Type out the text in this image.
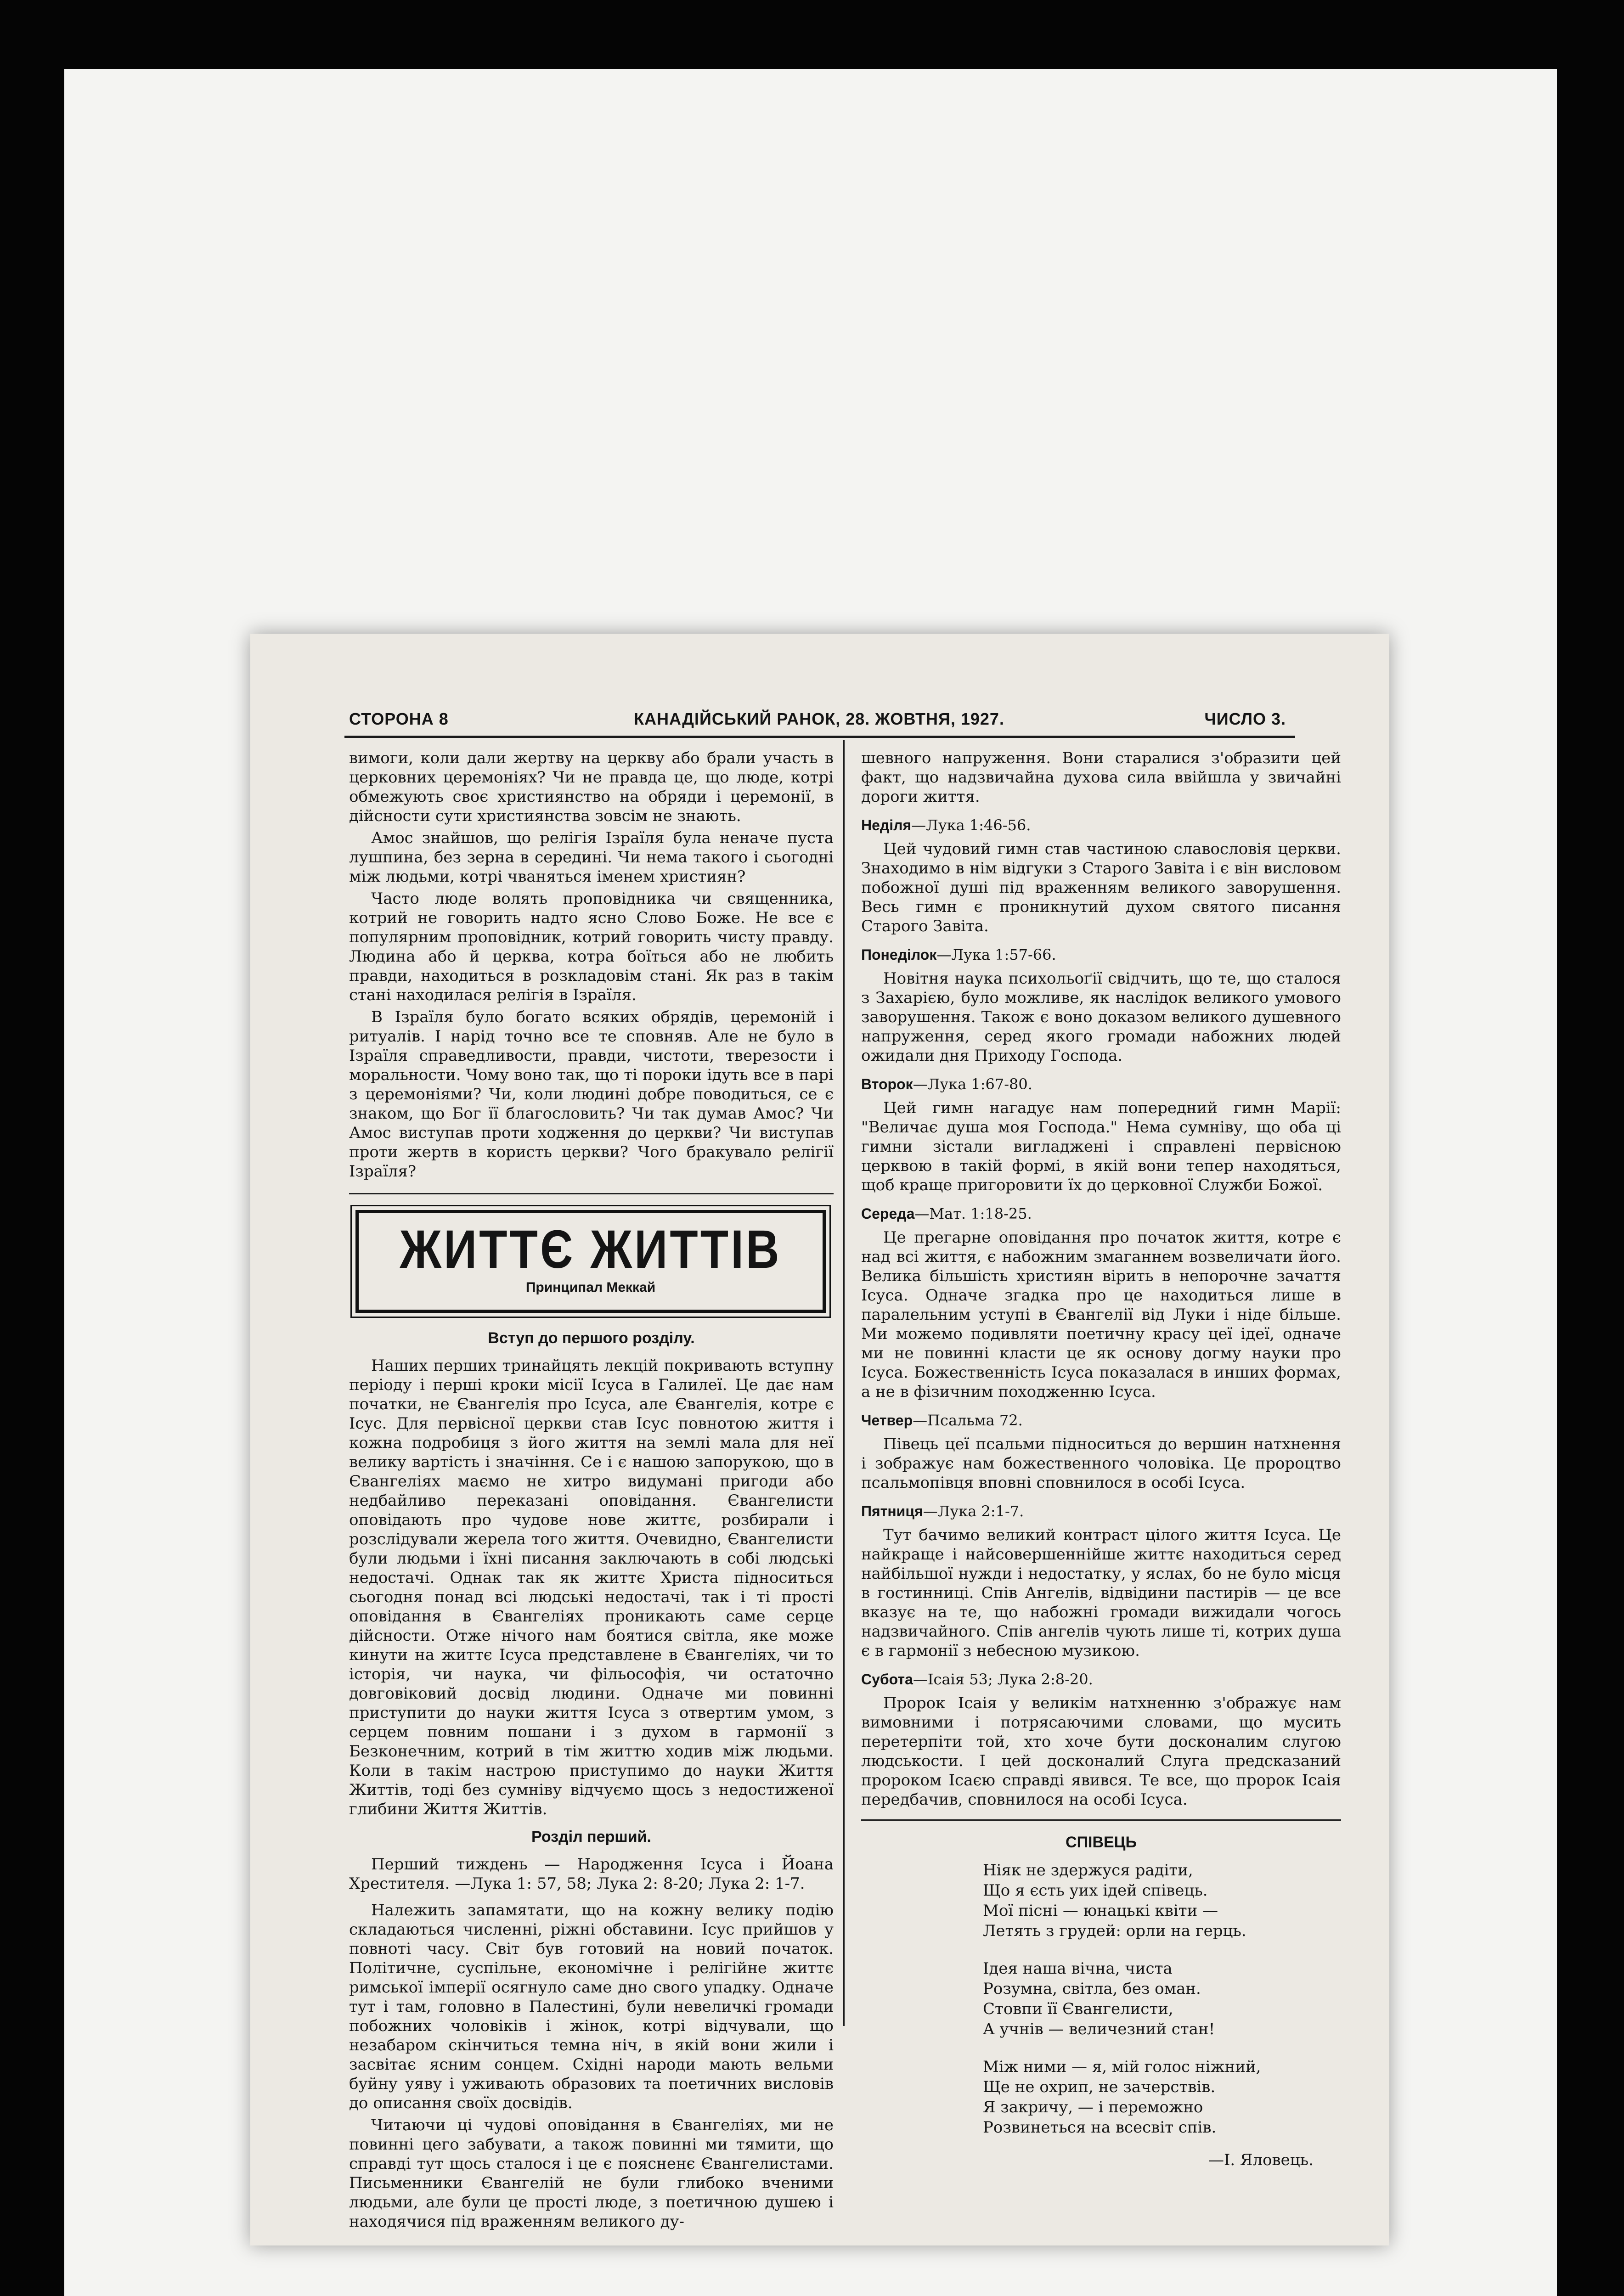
СТОРОНА 8	КАНАДІЙСЬКИЙ РАНОК, 28. ЖОВТНЯ, 1927.	ЧИСЛО 3.

вимоги, коли дали жертву на церкву або брали участь в церковних церемоніях? Чи не правда це, що люде, котрі обмежують своє християнство на обряди і церемонії, в дійсности сути християнства зовсім не знають.

Амос знайшов, що релігія Ізраїля була неначе пуста лушпина, без зерна в середині. Чи нема такого і сьогодні між людьми, котрі чваняться іменем християн?

Часто люде волять проповідника чи священника, котрий не говорить надто ясно Слово Боже. Не все є популярним проповідник, котрий говорить чисту правду. Людина або й церква, котра боїться або не любить правди, находиться в розкладовім стані. Як раз в такім стані находилася релігія в Ізраїля.

В Ізраїля було богато всяких обрядів, церемоній і ритуалів. І нарід точно все те сповняв. Але не було в Ізраїля справедливости, правди, чистоти, тверезости і моральности. Чому воно так, що ті пороки ідуть все в парі з церемоніями? Чи, коли людині добре поводиться, се є знаком, що Бог її благословить? Чи так думав Амос? Чи Амос виступав проти ходження до церкви? Чи виступав проти жертв в користь церкви? Чого бракувало релігії Ізраїля?

ЖИТТЄ ЖИТТІВ
Принципал Меккай
Вступ до першого розділу.

Наших перших тринайцять лекцій покривають вступну періоду і перші кроки місії Ісуса в Галилеї. Це дає нам початки, не Євангелія про Ісуса, але Євангелія, котре є Ісус. Для первісної церкви став Ісус повнотою життя і кожна подробиця з його життя на землі мала для неї велику вартість і значіння. Се і є нашою запорукою, що в Євангеліях маємо не хитро видумані пригоди або недбайливо переказані оповідання. Євангелисти оповідають про чудове нове життє, розбирали і розслідували жерела того життя. Очевидно, Євангелисти були людьми і їхні писання заключають в собі людські недостачі. Однак так як життє Христа підноситься сьогодня понад всі людські недостачі, так і ті прості оповідання в Євангеліях проникають саме серце дійсности. Отже нічого нам боятися світла, яке може кинути на життє Ісуса представлене в Євангеліях, чи то історія, чи наука, чи фільософія, чи остаточно довговіковий досвід людини. Одначе ми повинні приступити до науки життя Ісуса з отвертим умом, з серцем повним пошани і з духом в гармонії з Безконечним, котрий в тім життю ходив між людьми. Коли в такім настрою приступимо до науки Життя Життів, тоді без сумніву відчуємо щось з недостиженої глибини Життя Життів.

Розділ перший.

Перший тиждень — Народження Ісуса і Йоана Хрестителя. —Лука 1: 57, 58; Лука 2: 8-20; Лука 2: 1-7.

Належить запамятати, що на кожну велику подію складаються численні, ріжні обставини. Ісус прийшов у повноті часу. Світ був готовий на новий початок. Політичне, суспільне, економічне і релігійне життє римської імперії осягнуло саме дно свого упадку. Одначе тут і там, головно в Палестині, були невеличкі громади побожних чоловіків і жінок, котрі відчували, що незабаром скінчиться темна ніч, в якій вони жили і засвітає ясним сонцем. Східні народи мають вельми буйну уяву і уживають образових та поетичних висловів до описання своїх досвідів.

Читаючи ці чудові оповідання в Євангеліях, ми не повинні цего забувати, а також повинні ми тямити, що справді тут щось сталося і це є поясненє Євангелистами. Письменники Євангелій не були глибоко вченими людьми, але були це прості люде, з поетичною душею і находячися під враженням великого ду-

шевного напруження. Вони старалися з'образити цей факт, що надзвичайна духова сила ввійшла у звичайні дороги життя.

Неділя—Лука 1:46-56.

Цей чудовий гимн став частиною славословія церкви. Знаходимо в нім відгуки з Старого Завіта і є він висловом побожної душі під враженням великого заворушення. Весь гимн є проникнутий духом святого писання Старого Завіта.

Понеділок—Лука 1:57-66.

Новітня наука психольоґії свідчить, що те, що сталося з Захарією, було можливе, як наслідок великого умового заворушення. Також є воно доказом великого душевного напруження, серед якого громади набожних людей ожидали дня Приходу Господа.

Второк—Лука 1:67-80.

Цей гимн нагадує нам попередний гимн Марії: "Величає душа моя Господа." Нема сумніву, що оба ці гимни зістали вигладжені і справлені первісною церквою в такій формі, в якій вони тепер находяться, щоб краще пригоровити їх до церковної Служби Божої.

Середа—Мат. 1:18-25.

Це прегарне оповідання про початок життя, котре є над всі життя, є набожним змаганнем возвеличати його. Велика більшість християн вірить в непорочне зачаття Ісуса. Одначе згадка про це находиться лише в паралельним уступі в Євангелії від Луки і ніде більше. Ми можемо подивляти поетичну красу цеї ідеї, одначе ми не повинні класти це як основу догму науки про Ісуса. Божественність Ісуса показалася в инших формах, а не в фізичним походженню Ісуса.

Четвер—Псальма 72.

Півець цеї псальми підноситься до вершин натхнення і зображує нам божественного чоловіка. Це пророцтво псальмопівця вповні сповнилося в особі Ісуса.

Пятниця—Лука 2:1-7.

Тут бачимо великий контраст цілого життя Ісуса. Це найкраще і найсовершеннійше життє находиться серед найбільшої нужди і недостатку, у яслах, бо не було місця в гостинниці. Спів Ангелів, відвідини пастирів — це все вказує на те, що набожні громади вижидали чогось надзвичайного. Спів ангелів чують лише ті, котрих душа є в гармонії з небесною музикою.

Субота—Ісаія 53; Лука 2:8-20.

Пророк Ісаія у великім натхненню з'ображує нам вимовними і потрясаючими словами, що мусить перетерпіти той, хто хоче бути досконалим слугою людськости. І цей досконалий Слуга предсказаний пророком Ісаєю справді явився. Те все, що пророк Ісаія передбачив, сповнилося на особі Ісуса.

СПІВЕЦЬ
Ніяк не здержуся радіти,
Що я єсть уих ідей співець.
Мої пісні — юнацькі квіти —
Летять з грудей: орли на герць.
Ідея наша вічна, чиста
Розумна, світла, без оман.
Стовпи її Євангелисти,
А учнів — величезний стан!
Між ними — я, мій голос ніжний,
Ще не охрип, не зачерствів.
Я закричу, — і переможно
Розвинеться на всесвіт спів.
—І. Яловець.
